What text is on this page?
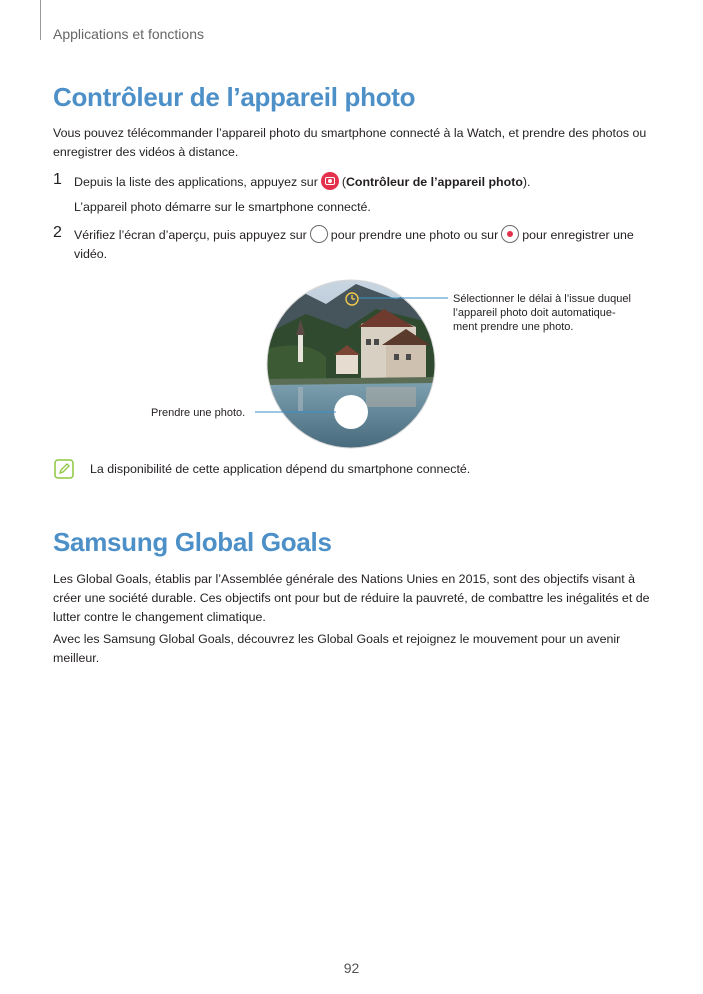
Applications et fonctions
Contrôleur de l’appareil photo

Vous pouvez télécommander l’appareil photo du smartphone connecté à la Watch, et prendre des photos ou enregistrer des vidéos à distance.

1 Depuis la liste des applications, appuyez sur (Contrôleur de l’appareil photo).

L’appareil photo démarre sur le smartphone connecté.

2 Vérifiez l’écran d’aperçu, puis appuyez sur pour prendre une photo ou sur pour enregistrer une vidéo.

Sélectionner le délai à l’issue duquel l’appareil photo doit automatique-ment prendre une photo.
Prendre une photo.
La disponibilité de cette application dépend du smartphone connecté.
Samsung Global Goals

Les Global Goals, établis par l’Assemblée générale des Nations Unies en 2015, sont des objectifs visant à créer une société durable. Ces objectifs ont pour but de réduire la pauvreté, de combattre les inégalités et de lutter contre le changement climatique.

Avec les Samsung Global Goals, découvrez les Global Goals et rejoignez le mouvement pour un avenir meilleur.

92
